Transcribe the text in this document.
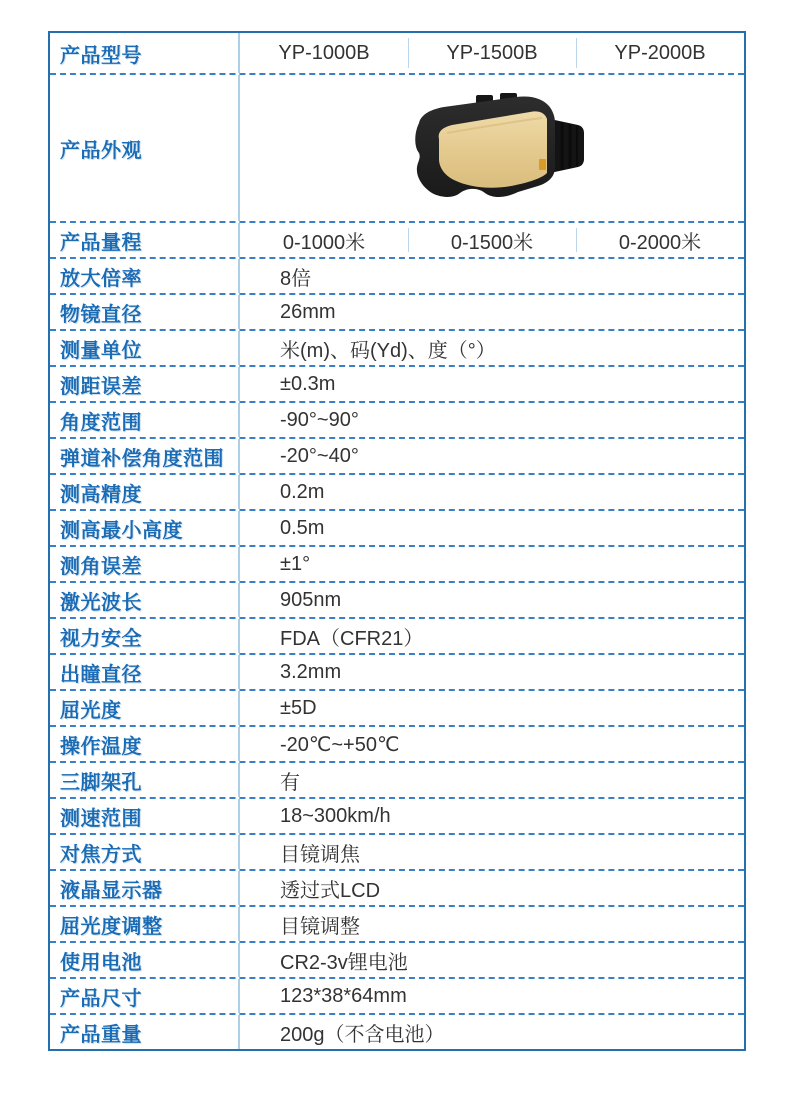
产品型号	YP-1000B	YP-1500B	YP-2000B
产品外观
产品量程	0-1000米	0-1500米	0-2000米
放大倍率	8倍
物镜直径	26mm
测量单位	米(m)、码(Yd)、度（°）
测距误差	±0.3m
角度范围	-90°~90°
弹道补偿角度范围	-20°~40°
测高精度	0.2m
测高最小高度	0.5m
测角误差	±1°
激光波长	905nm
视力安全	FDA（CFR21）
出瞳直径	3.2mm
屈光度	±5D
操作温度	-20℃~+50℃
三脚架孔	有
测速范围	18~300km/h
对焦方式	目镜调焦
液晶显示器	透过式LCD
屈光度调整	目镜调整
使用电池	CR2-3v锂电池
产品尺寸	123*38*64mm
产品重量	200g（不含电池）
